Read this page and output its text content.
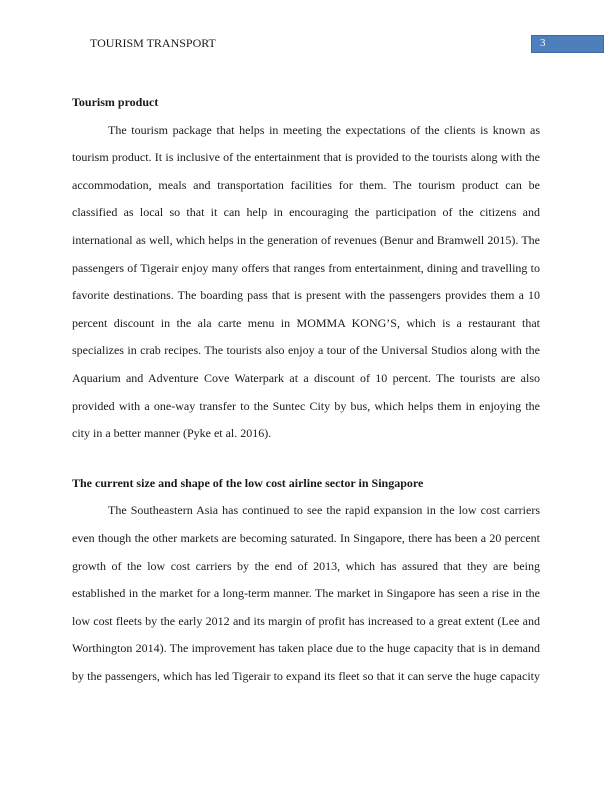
TOURISM TRANSPORT	3
Tourism product
The tourism package that helps in meeting the expectations of the clients is known as
tourism product. It is inclusive of the entertainment that is provided to the tourists along with the
accommodation, meals and transportation facilities for them. The tourism product can be
classified as local so that it can help in encouraging the participation of the citizens and
international as well, which helps in the generation of revenues (Benur and Bramwell 2015). The
passengers of Tigerair enjoy many offers that ranges from entertainment, dining and travelling to
favorite destinations. The boarding pass that is present with the passengers provides them a 10
percent discount in the ala carte menu in MOMMA KONG’S, which is a restaurant that
specializes in crab recipes. The tourists also enjoy a tour of the Universal Studios along with the
Aquarium and Adventure Cove Waterpark at a discount of 10 percent. The tourists are also
provided with a one-way transfer to the Suntec City by bus, which helps them in enjoying the
city in a better manner (Pyke et al. 2016).
The current size and shape of the low cost airline sector in Singapore
The Southeastern Asia has continued to see the rapid expansion in the low cost carriers
even though the other markets are becoming saturated. In Singapore, there has been a 20 percent
growth of the low cost carriers by the end of 2013, which has assured that they are being
established in the market for a long-term manner. The market in Singapore has seen a rise in the
low cost fleets by the early 2012 and its margin of profit has increased to a great extent (Lee and
Worthington 2014). The improvement has taken place due to the huge capacity that is in demand
by the passengers, which has led Tigerair to expand its fleet so that it can serve the huge capacity
